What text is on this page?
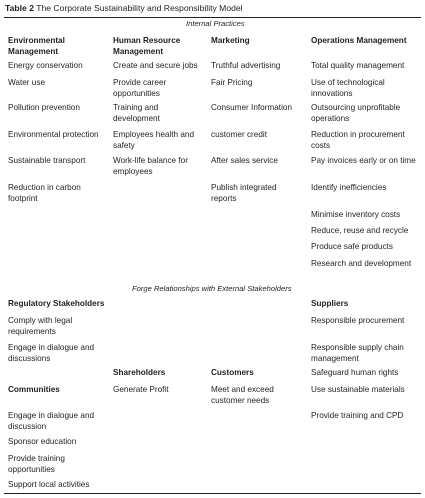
Table 2 The Corporate Sustainability and Responsibility Model
Internal Practices
Environmental
Management
Human Resource
Management
Marketing	Operations Management
Energy conservation
Water use
Pollution prevention
Environmental protection
Sustainable transport
Reduction in carbon
footprint
Create and secure jobs
Provide career
opportunities
Training and
development
Employees health and
safety
Work-life balance for
employees
Truthful advertising
Fair Pricing
Consumer Information
customer credit
After sales service
Publish integrated
reports
Total quality management
Use of technological
innovations
Outsourcing unprofitable
operations
Reduction in procurement
costs
Pay invoices early or on time
Identify inefficiencies
Minimise inventory costs
Reduce, reuse and recycle
Produce safe products
Research and development
Forge Relationships with External Stakeholders
Regulatory Stakeholders
Comply with legal
requirements
Engage in dialogue and
discussions
Suppliers
Responsible procurement
Responsible supply chain
management
Safeguard human rights
Use sustainable materials
Provide training and CPD
Shareholders
Generate Profit
Customers
Meet and exceed
customer needs
Communities
Engage in dialogue and
discussion
Sponsor education
Provide training
opportunities
Support local activities
